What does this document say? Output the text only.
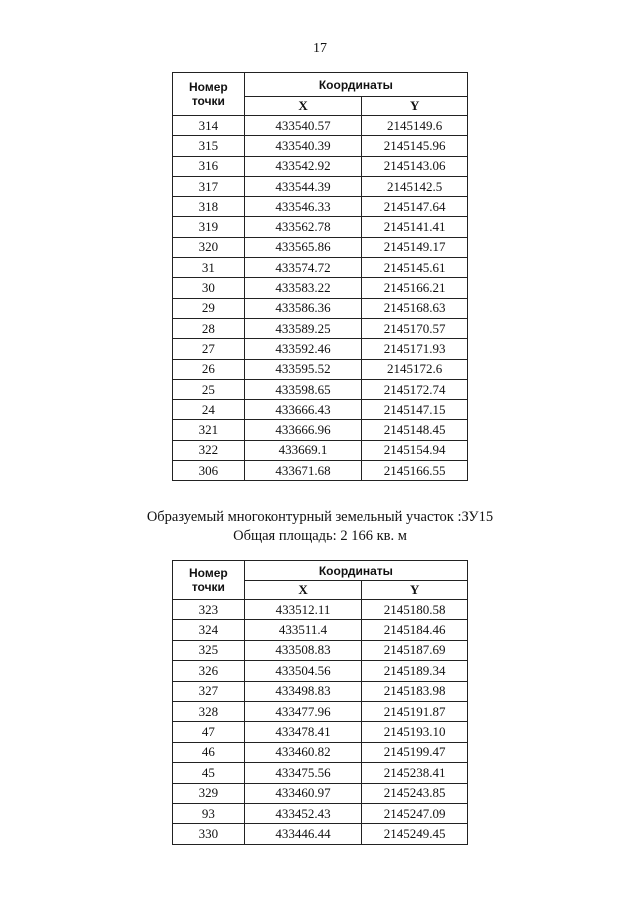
17
Номер точки	Координаты	
	X	Y
314	433540.57	2145149.6
315	433540.39	2145145.96
316	433542.92	2145143.06
317	433544.39	2145142.5
318	433546.33	2145147.64
319	433562.78	2145141.41
320	433565.86	2145149.17
31	433574.72	2145145.61
30	433583.22	2145166.21
29	433586.36	2145168.63
28	433589.25	2145170.57
27	433592.46	2145171.93
26	433595.52	2145172.6
25	433598.65	2145172.74
24	433666.43	2145147.15
321	433666.96	2145148.45
322	433669.1	2145154.94
306	433671.68	2145166.55
Образуемый многоконтурный земельный участок :ЗУ15
Общая площадь: 2 166 кв. м
Номер точки	Координаты	
	X	Y
323	433512.11	2145180.58
324	433511.4	2145184.46
325	433508.83	2145187.69
326	433504.56	2145189.34
327	433498.83	2145183.98
328	433477.96	2145191.87
47	433478.41	2145193.10
46	433460.82	2145199.47
45	433475.56	2145238.41
329	433460.97	2145243.85
93	433452.43	2145247.09
330	433446.44	2145249.45
